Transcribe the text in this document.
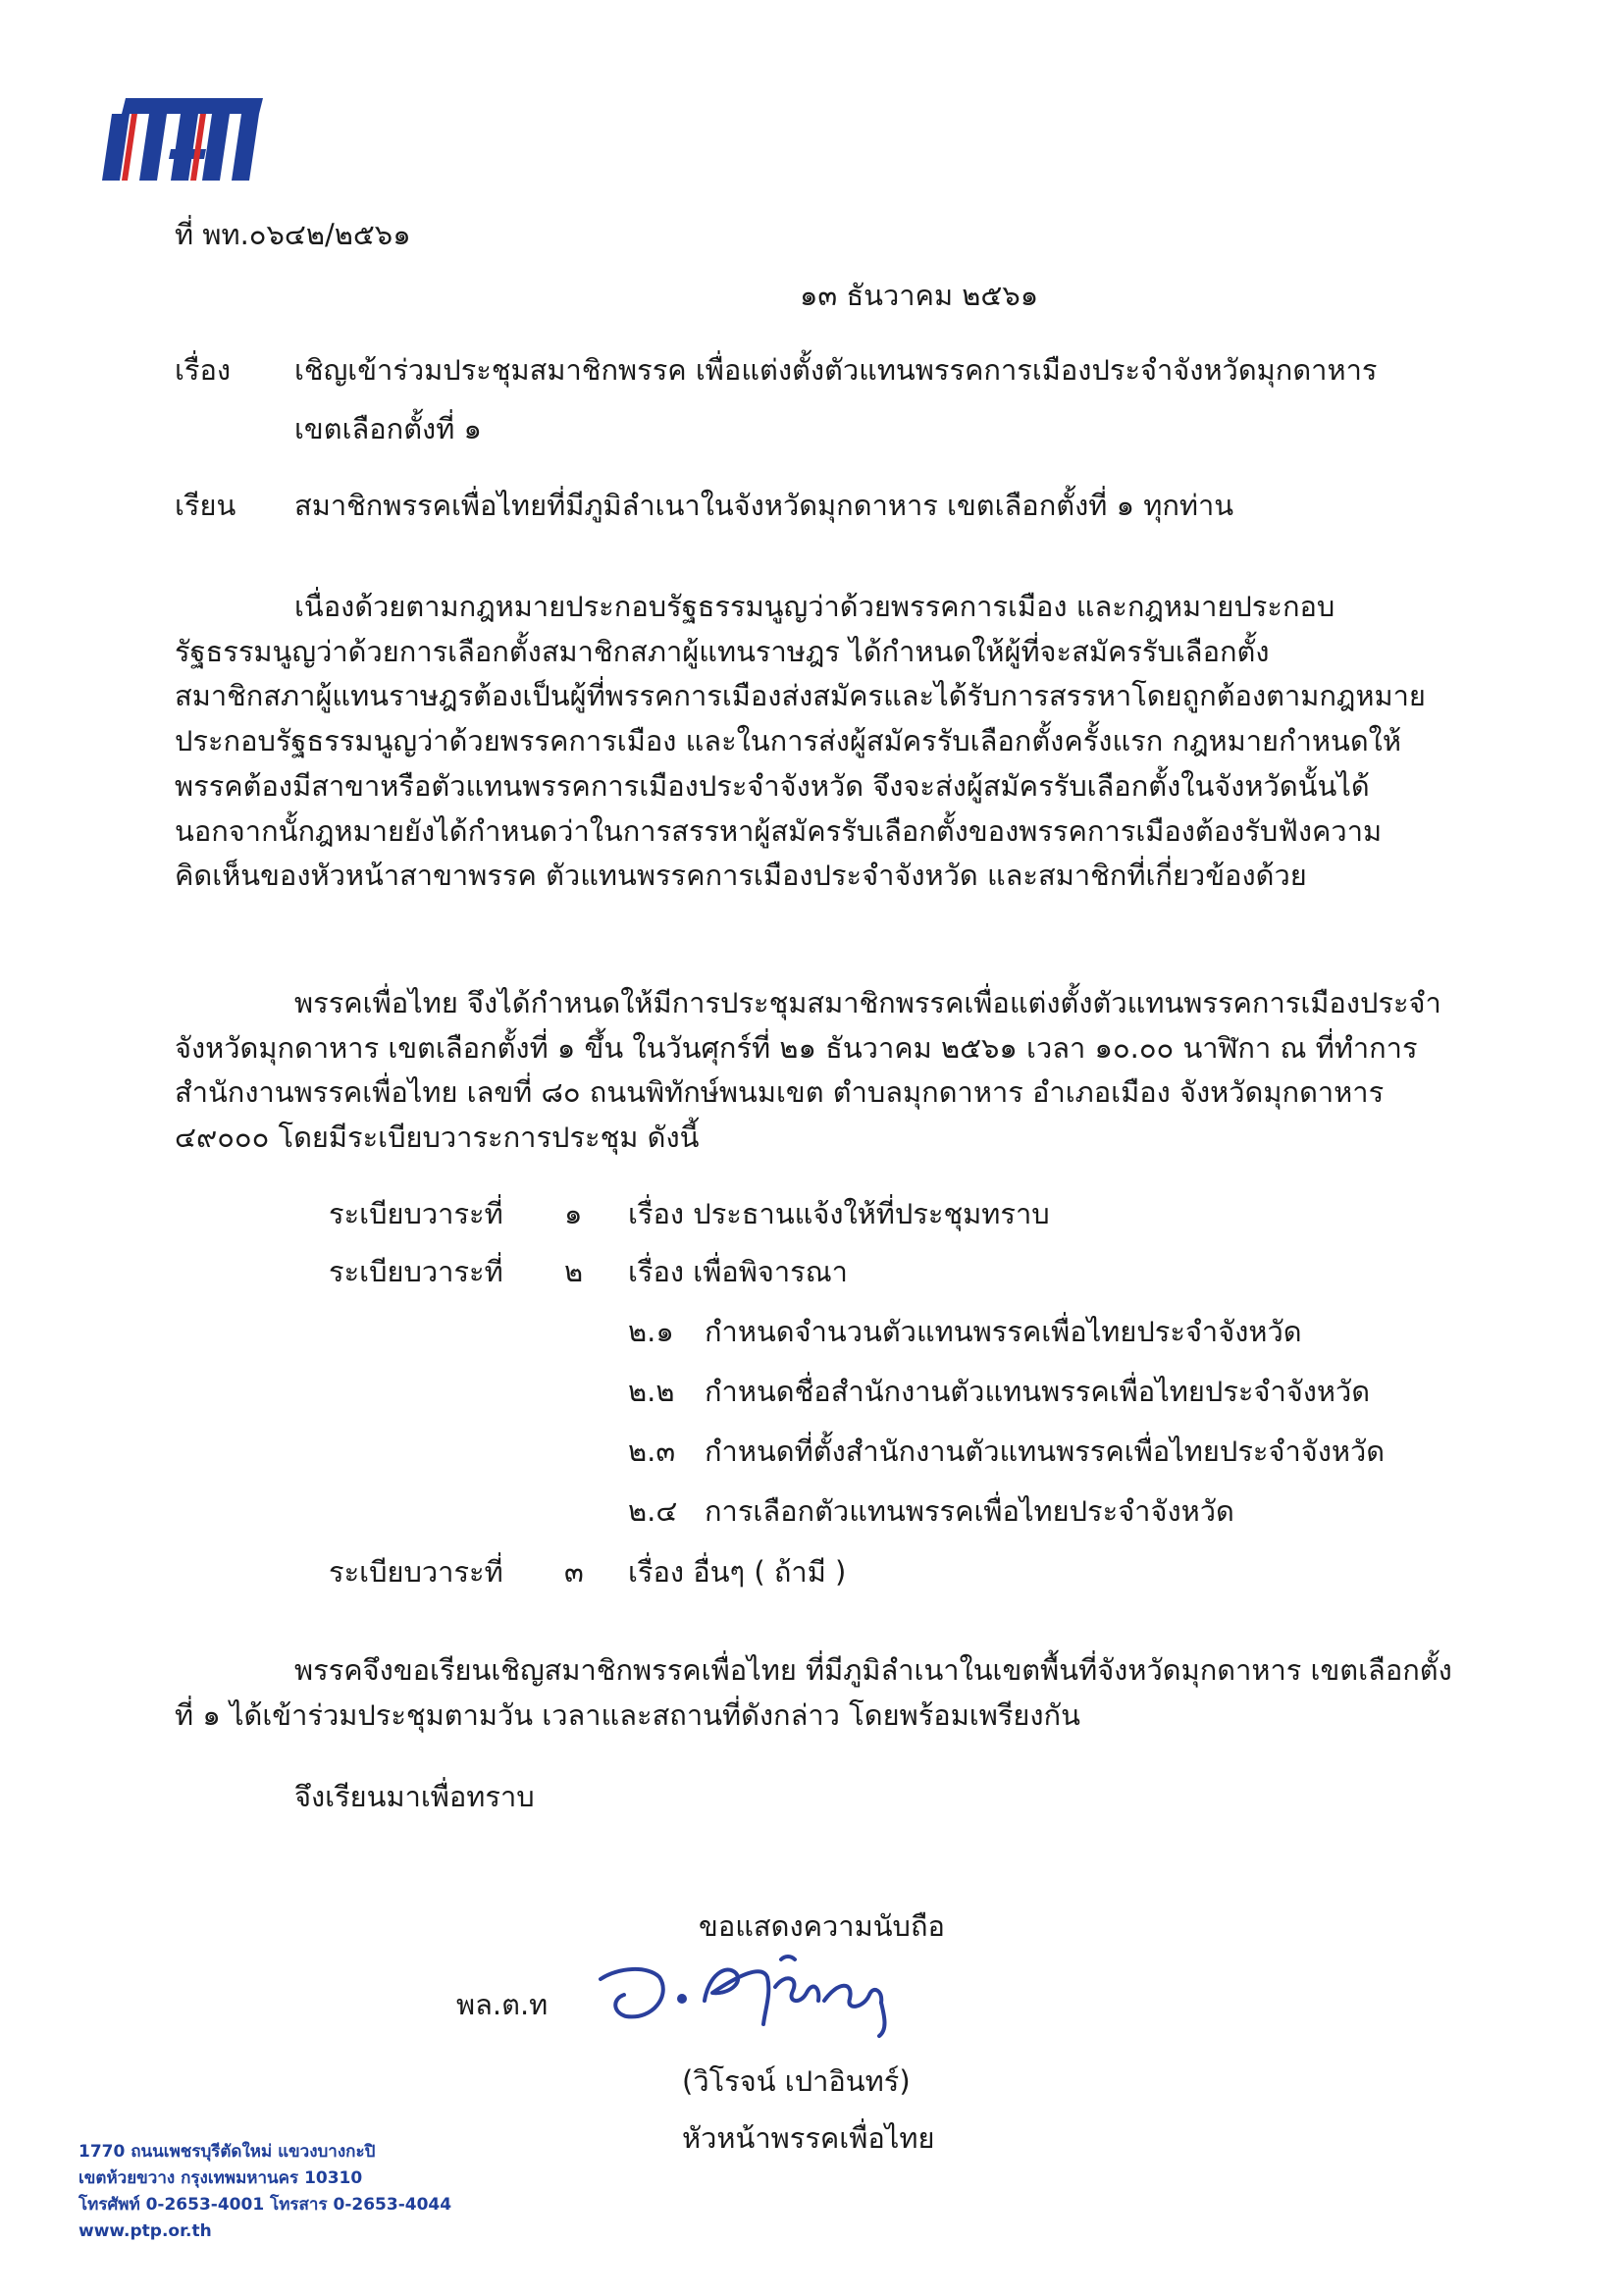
ที่ พท.๐๖๔๒/๒๕๖๑
๑๓ ธันวาคม ๒๕๖๑
เรื่อง เชิญเข้าร่วมประชุมสมาชิกพรรค เพื่อแต่งตั้งตัวแทนพรรคการเมืองประจำจังหวัดมุกดาหาร
เขตเลือกตั้งที่ ๑
เรียน สมาชิกพรรคเพื่อไทยที่มีภูมิลำเนาในจังหวัดมุกดาหาร เขตเลือกตั้งที่ ๑ ทุกท่าน
เนื่องด้วยตามกฎหมายประกอบรัฐธรรมนูญว่าด้วยพรรคการเมือง และกฎหมายประกอบ
รัฐธรรมนูญว่าด้วยการเลือกตั้งสมาชิกสภาผู้แทนราษฎร ได้กำหนดให้ผู้ที่จะสมัครรับเลือกตั้ง
สมาชิกสภาผู้แทนราษฎรต้องเป็นผู้ที่พรรคการเมืองส่งสมัครและได้รับการสรรหาโดยถูกต้องตามกฎหมาย
ประกอบรัฐธรรมนูญว่าด้วยพรรคการเมือง และในการส่งผู้สมัครรับเลือกตั้งครั้งแรก กฎหมายกำหนดให้
พรรคต้องมีสาขาหรือตัวแทนพรรคการเมืองประจำจังหวัด จึงจะส่งผู้สมัครรับเลือกตั้งในจังหวัดนั้นได้
นอกจากนั้กฎหมายยังได้กำหนดว่าในการสรรหาผู้สมัครรับเลือกตั้งของพรรคการเมืองต้องรับฟังความ
คิดเห็นของหัวหน้าสาขาพรรค ตัวแทนพรรคการเมืองประจำจังหวัด และสมาชิกที่เกี่ยวข้องด้วย
พรรคเพื่อไทย จึงได้กำหนดให้มีการประชุมสมาชิกพรรคเพื่อแต่งตั้งตัวแทนพรรคการเมืองประจำ
จังหวัดมุกดาหาร เขตเลือกตั้งที่ ๑ ขึ้น ในวันศุกร์ที่ ๒๑ ธันวาคม ๒๕๖๑ เวลา ๑๐.๐๐ นาฬิกา ณ ที่ทำการ
สำนักงานพรรคเพื่อไทย เลขที่ ๘๐ ถนนพิทักษ์พนมเขต ตำบลมุกดาหาร อำเภอเมือง จังหวัดมุกดาหาร
๔๙๐๐๐ โดยมีระเบียบวาระการประชุม ดังนี้
ระเบียบวาระที่ ๑ เรื่อง ประธานแจ้งให้ที่ประชุมทราบ
ระเบียบวาระที่ ๒ เรื่อง เพื่อพิจารณา
๒.๑ กำหนดจำนวนตัวแทนพรรคเพื่อไทยประจำจังหวัด
๒.๒ กำหนดชื่อสำนักงานตัวแทนพรรคเพื่อไทยประจำจังหวัด
๒.๓ กำหนดที่ตั้งสำนักงานตัวแทนพรรคเพื่อไทยประจำจังหวัด
๒.๔ การเลือกตัวแทนพรรคเพื่อไทยประจำจังหวัด
ระเบียบวาระที่ ๓ เรื่อง อื่นๆ ( ถ้ามี )
พรรคจึงขอเรียนเชิญสมาชิกพรรคเพื่อไทย ที่มีภูมิลำเนาในเขตพื้นที่จังหวัดมุกดาหาร เขตเลือกตั้ง
ที่ ๑ ได้เข้าร่วมประชุมตามวัน เวลาและสถานที่ดังกล่าว โดยพร้อมเพรียงกัน
จึงเรียนมาเพื่อทราบ
ขอแสดงความนับถือ
พล.ต.ท
(วิโรจน์ เปาอินทร์)
หัวหน้าพรรคเพื่อไทย
1770 ถนนเพชรบุรีตัดใหม่ แขวงบางกะปิ
เขตห้วยขวาง กรุงเทพมหานคร 10310
โทรศัพท์ 0-2653-4001 โทรสาร 0-2653-4044
www.ptp.or.th
